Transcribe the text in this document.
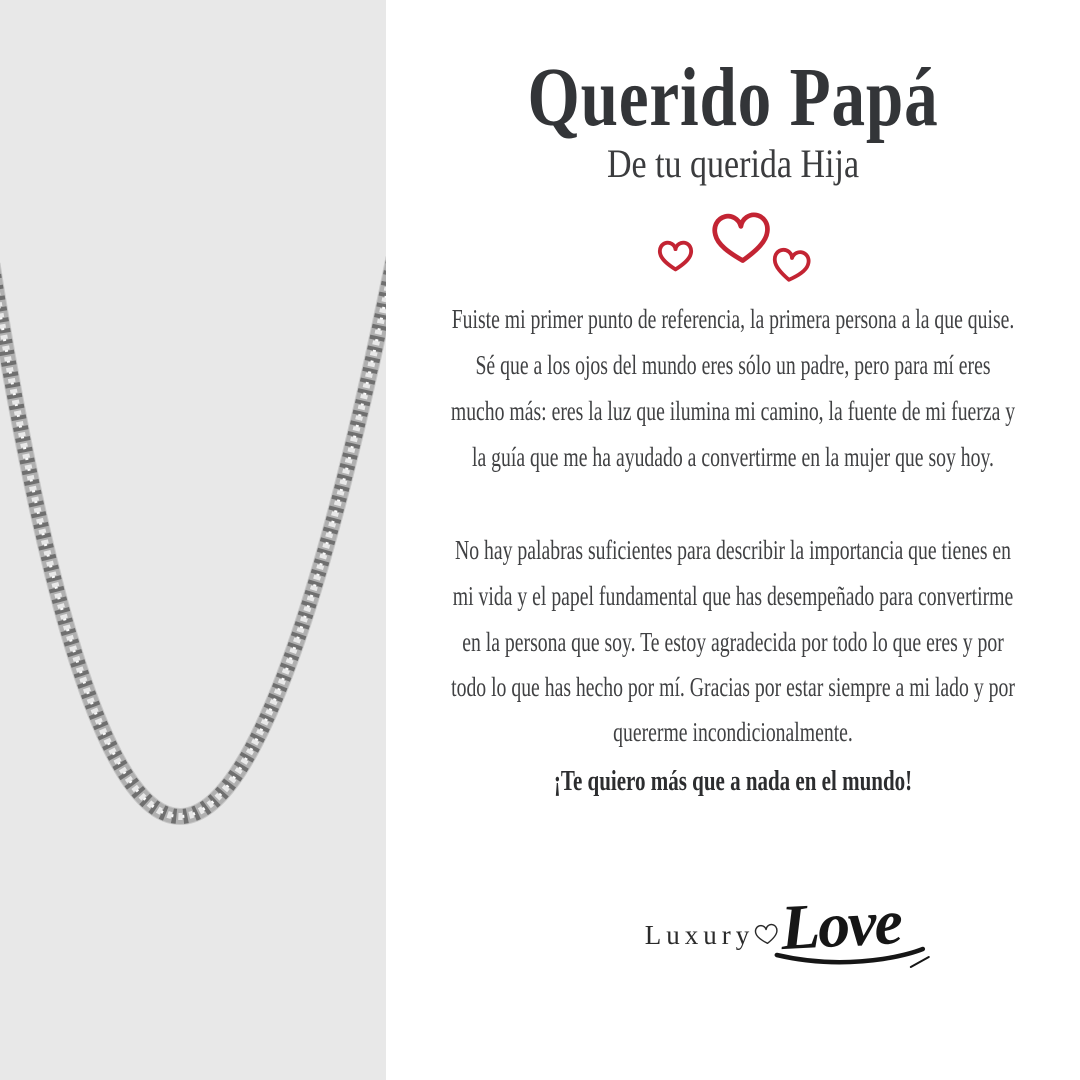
Querido Papá
De tu querida Hija
Fuiste mi primer punto de referencia, la primera persona a la que quise.
Sé que a los ojos del mundo eres sólo un padre, pero para mí eres
mucho más: eres la luz que ilumina mi camino, la fuente de mi fuerza y
la guía que me ha ayudado a convertirme en la mujer que soy hoy.
No hay palabras suficientes para describir la importancia que tienes en
mi vida y el papel fundamental que has desempeñado para convertirme
en la persona que soy. Te estoy agradecida por todo lo que eres y por
todo lo que has hecho por mí. Gracias por estar siempre a mi lado y por
quererme incondicionalmente.
¡Te quiero más que a nada en el mundo!
Luxury Love
